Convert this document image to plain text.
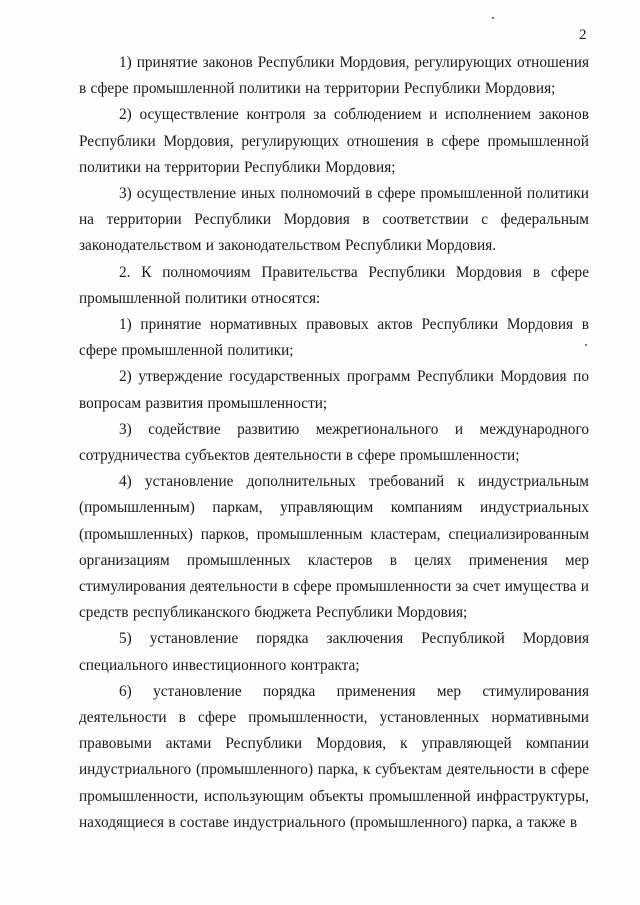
2

1) принятие законов Республики Мордовия, регулирующих отношения в сфере промышленной политики на территории Республики Мордовия;

2) осуществление контроля за соблюдением и исполнением законов Республики Мордовия, регулирующих отношения в сфере промышленной политики на территории Республики Мордовия;

3) осуществление иных полномочий в сфере промышленной политики на территории Республики Мордовия в соответствии с федеральным законодательством и законодательством Республики Мордовия.

2. К полномочиям Правительства Республики Мордовия в сфере промышленной политики относятся:

1) принятие нормативных правовых актов Республики Мордовия в сфере промышленной политики;

2) утверждение государственных программ Республики Мордовия по вопросам развития промышленности;

3) содействие развитию межрегионального и международного сотрудничества субъектов деятельности в сфере промышленности;

4) установление дополнительных требований к индустриальным (промышленным) паркам, управляющим компаниям индустриальных (промышленных) парков, промышленным кластерам, специализированным организациям промышленных кластеров в целях применения мер стимулирования деятельности в сфере промышленности за счет имущества и средств республиканского бюджета Республики Мордовия;

5) установление порядка заключения Республикой Мордовия специального инвестиционного контракта;

6) установление порядка применения мер стимулирования деятельности в сфере промышленности, установленных нормативными правовыми актами Республики Мордовия, к управляющей компании индустриального (промышленного) парка, к субъектам деятельности в сфере промышленности, использующим объекты промышленной инфраструктуры, находящиеся в составе индустриального (промышленного) парка, а также в
